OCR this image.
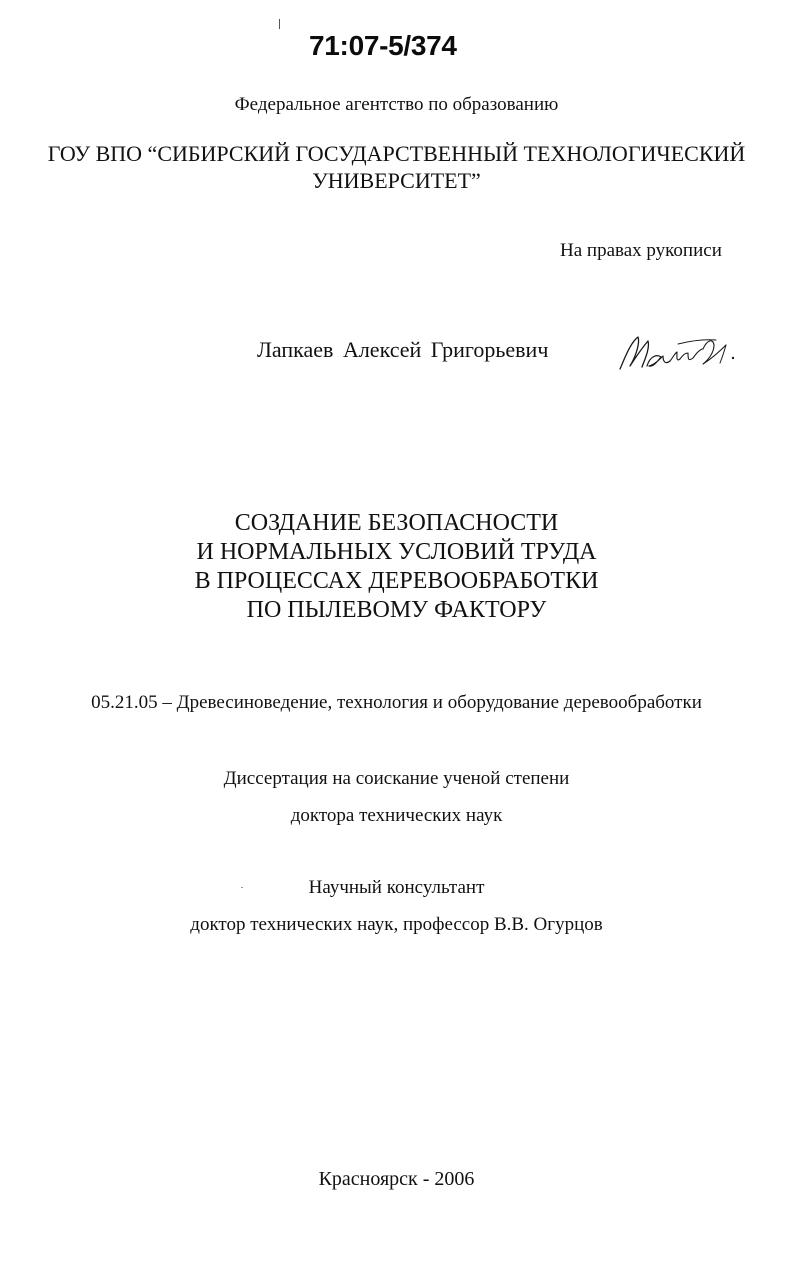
71:07-5/374
Федеральное агентство по образованию
ГОУ ВПО “СИБИРСКИЙ ГОСУДАРСТВЕННЫЙ ТЕХНОЛОГИЧЕСКИЙ
УНИВЕРСИТЕТ”
На правах рукописи
Лапкаев Алексей Григорьевич
СОЗДАНИЕ БЕЗОПАСНОСТИ
И НОРМАЛЬНЫХ УСЛОВИЙ ТРУДА
В ПРОЦЕССАХ ДЕРЕВООБРАБОТКИ
ПО ПЫЛЕВОМУ ФАКТОРУ
05.21.05 – Древесиноведение, технология и оборудование деревообработки
Диссертация на соискание ученой степени
доктора технических наук
Научный консультант
доктор технических наук, профессор В.В. Огурцов
Красноярск - 2006
